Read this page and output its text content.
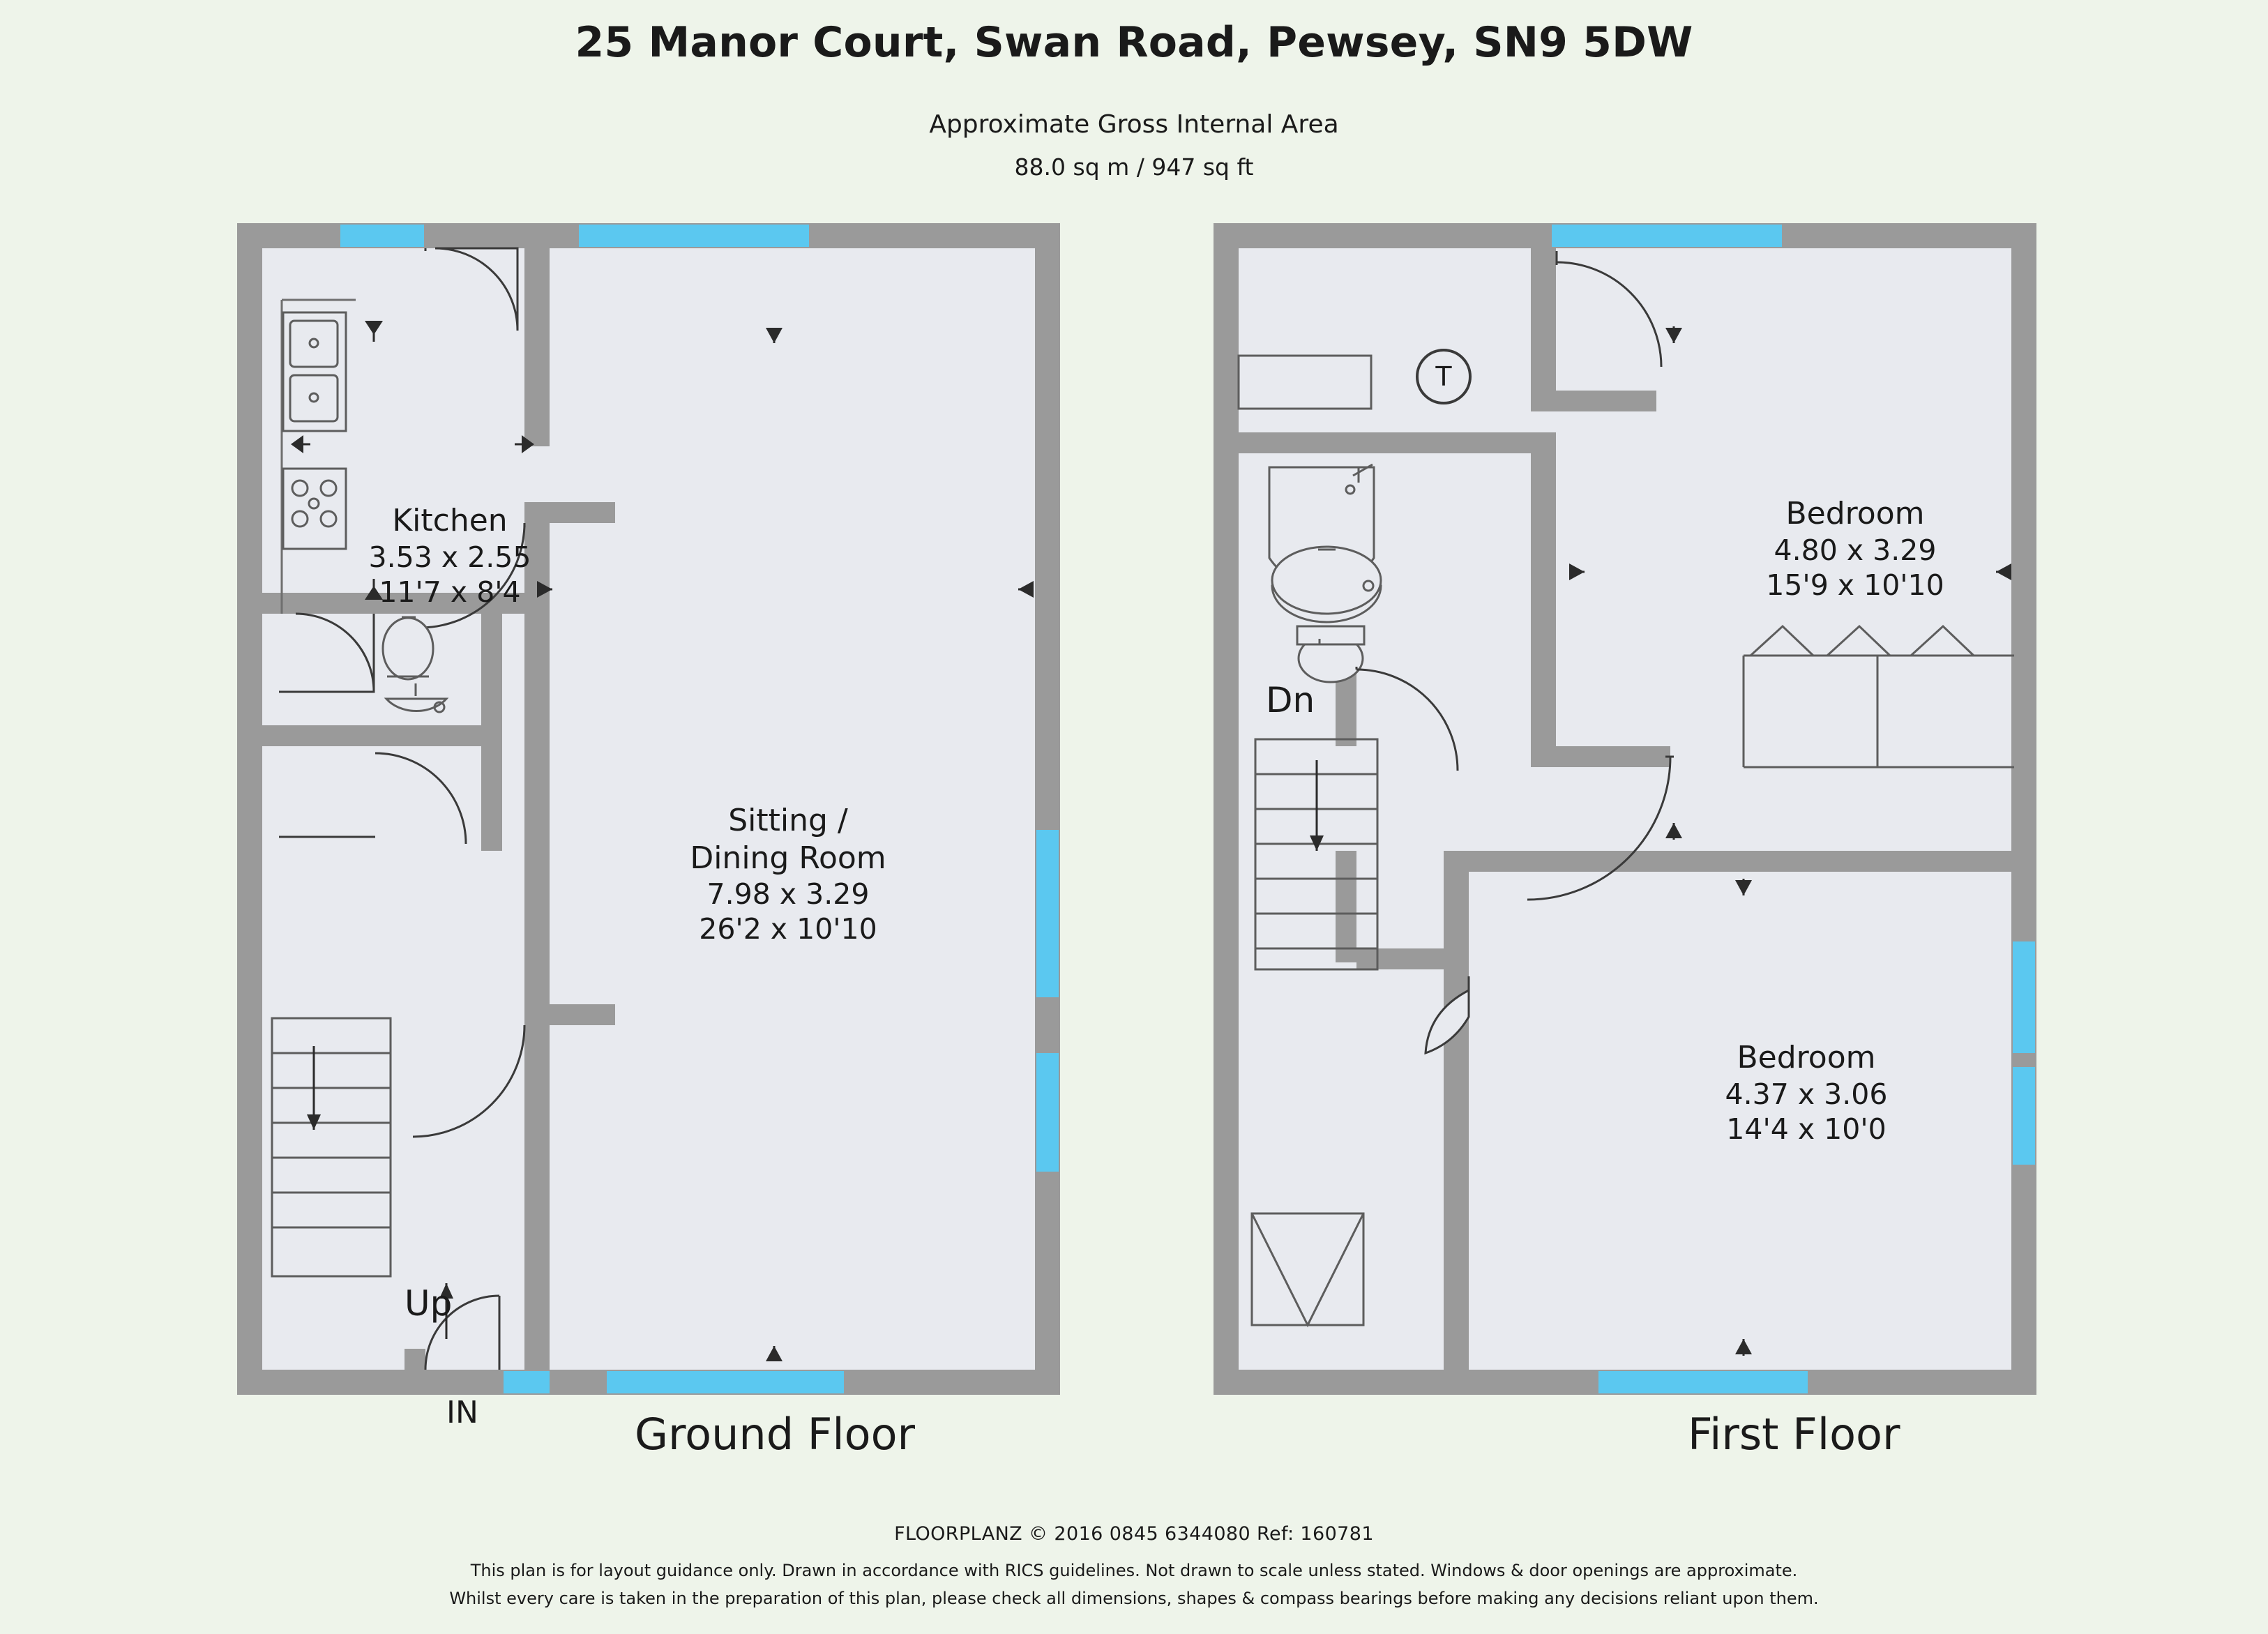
25 Manor Court, Swan Road, Pewsey, SN9 5DW
Approximate Gross Internal Area
88.0 sq m / 947 sq ft
Kitchen
3.53 x 2.55
11'7 x 8'4
Sitting /
Dining Room
7.98 x 3.29
26'2 x 10'10
Up
IN
T
Dn
Bedroom
4.80 x 3.29
15'9 x 10'10
Bedroom
4.37 x 3.06
14'4 x 10'0
Ground Floor	First Floor
FLOORPLANZ © 2016 0845 6344080 Ref: 160781
This plan is for layout guidance only. Drawn in accordance with RICS guidelines. Not drawn to scale unless stated. Windows & door openings are approximate.
Whilst every care is taken in the preparation of this plan, please check all dimensions, shapes & compass bearings before making any decisions reliant upon them.
